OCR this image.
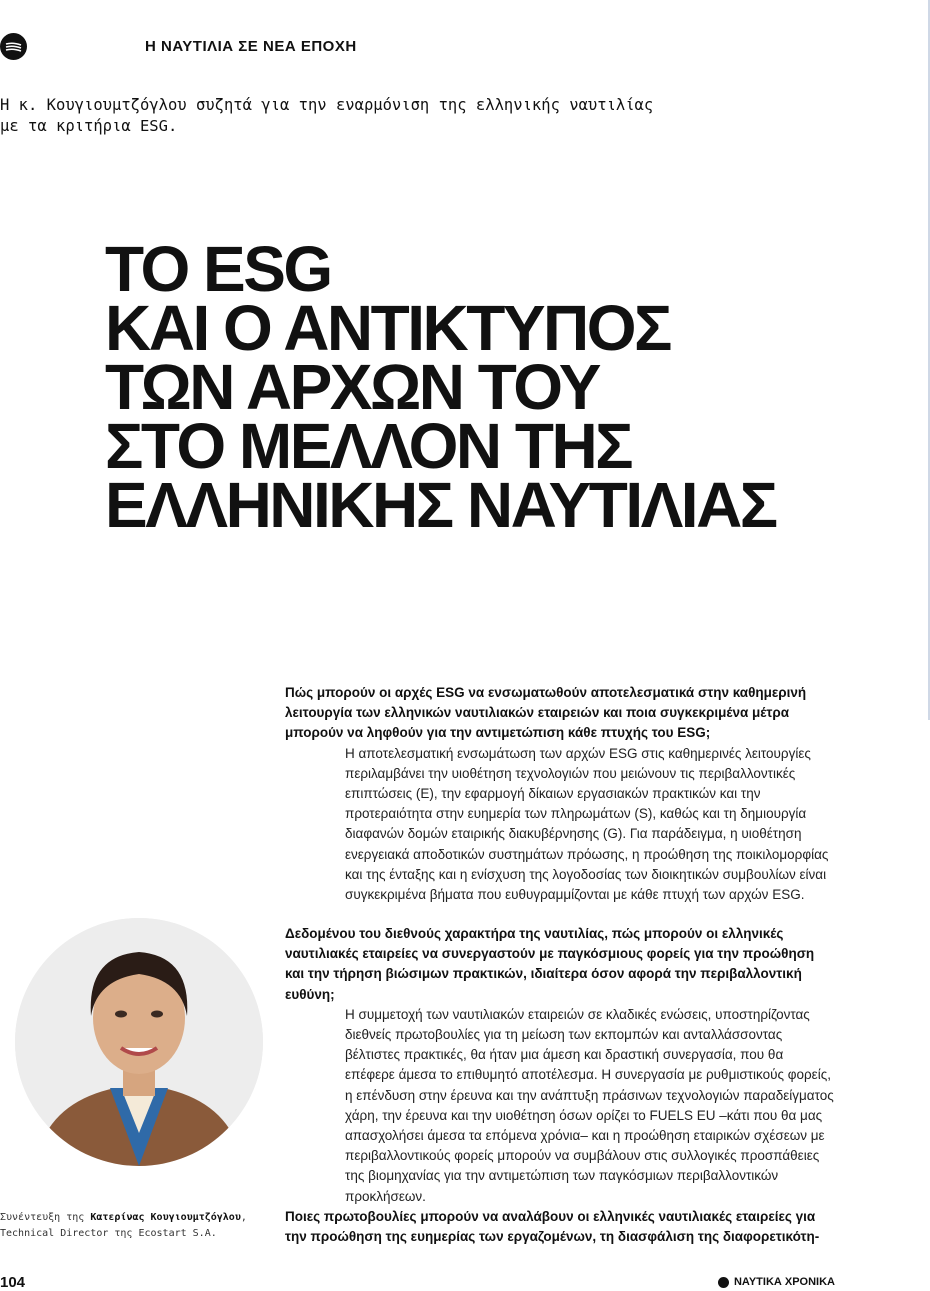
Η ΝΑΥΤΙΛΙΑ ΣΕ ΝΕΑ ΕΠΟΧΗ
Η κ. Κουγιουμτζόγλου συζητά για την εναρμόνιση της ελληνικής ναυτιλίας
με τα κριτήρια ESG.
ΤΟ ESG
ΚΑΙ Ο ΑΝΤΙΚΤΥΠΟΣ
ΤΩΝ ΑΡΧΩΝ ΤΟΥ
ΣΤΟ ΜΕΛΛΟΝ ΤΗΣ
ΕΛΛΗΝΙΚΗΣ ΝΑΥΤΙΛΙΑΣ
Πώς μπορούν οι αρχές ESG να ενσωματωθούν αποτελεσματικά στην καθημερινή λειτουργία των ελληνικών ναυτιλιακών εταιρειών και ποια συγκεκριμένα μέτρα μπορούν να ληφθούν για την αντιμετώπιση κάθε πτυχής του ESG;
Η αποτελεσματική ενσωμάτωση των αρχών ESG στις καθημερινές λειτουργίες περιλαμβάνει την υιοθέτηση τεχνολογιών που μειώνουν τις περιβαλλοντικές επιπτώσεις (E), την εφαρμογή δίκαιων εργασιακών πρακτικών και την προτεραιότητα στην ευημερία των πληρωμάτων (S), καθώς και τη δημιουργία διαφανών δομών εταιρικής διακυβέρνησης (G). Για παράδειγμα, η υιοθέτηση ενεργειακά αποδοτικών συστημάτων πρόωσης, η προώθηση της ποικιλομορφίας και της ένταξης και η ενίσχυση της λογοδοσίας των διοικητικών συμβουλίων είναι συγκεκριμένα βήματα που ευθυγραμμίζονται με κάθε πτυχή των αρχών ESG.
Δεδομένου του διεθνούς χαρακτήρα της ναυτιλίας, πώς μπορούν οι ελληνικές ναυτιλιακές εταιρείες να συνεργαστούν με παγκόσμιους φορείς για την προώθηση και την τήρηση βιώσιμων πρακτικών, ιδιαίτερα όσον αφορά την περιβαλλοντική ευθύνη;
Η συμμετοχή των ναυτιλιακών εταιρειών σε κλαδικές ενώσεις, υποστηρίζοντας διεθνείς πρωτοβουλίες για τη μείωση των εκπομπών και ανταλλάσσοντας βέλτιστες πρακτικές, θα ήταν μια άμεση και δραστική συνεργασία, που θα επέφερε άμεσα το επιθυμητό αποτέλεσμα. Η συνεργασία με ρυθμιστικούς φορείς, η επένδυση στην έρευνα και την ανάπτυξη πράσινων τεχνολογιών παραδείγματος χάρη, την έρευνα και την υιοθέτηση όσων ορίζει το FUELS EU –κάτι που θα μας απασχολήσει άμεσα τα επόμενα χρόνια– και η προώθηση εταιρικών σχέσεων με περιβαλλοντικούς φορείς μπορούν να συμβάλουν στις συλλογικές προσπάθειες της βιομηχανίας για την αντιμετώπιση των παγκόσμιων περιβαλλοντικών προκλήσεων.
Ποιες πρωτοβουλίες μπορούν να αναλάβουν οι ελληνικές ναυτιλιακές εταιρείες για την προώθηση της ευημερίας των εργαζομένων, τη διασφάλιση της διαφορετικότη-
Συνέντευξη της Κατερίνας Κουγιουμτζόγλου,
Technical Director της Ecostart S.A.
104	ΝΑΥΤΙΚΑ ΧΡΟΝΙΚΑ
